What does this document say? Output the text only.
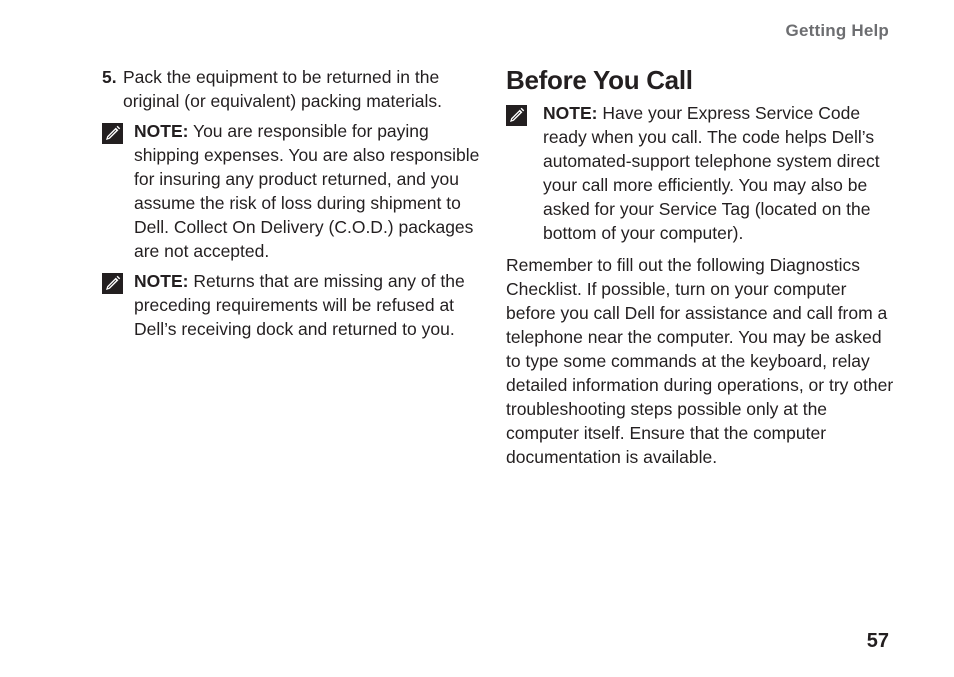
Getting Help
5. Pack the equipment to be returned in the original (or equivalent) packing materials.
NOTE: You are responsible for paying shipping expenses. You are also responsible for insuring any product returned, and you assume the risk of loss during shipment to Dell. Collect On Delivery (C.O.D.) packages are not accepted.
NOTE: Returns that are missing any of the preceding requirements will be refused at Dell’s receiving dock and returned to you.
Before You Call
NOTE: Have your Express Service Code ready when you call. The code helps Dell’s automated-support telephone system direct your call more efficiently. You may also be asked for your Service Tag (located on the bottom of your computer).

Remember to fill out the following Diagnostics Checklist. If possible, turn on your computer before you call Dell for assistance and call from a telephone near the computer. You may be asked to type some commands at the keyboard, relay detailed information during operations, or try other troubleshooting steps possible only at the computer itself. Ensure that the computer documentation is available.

57
